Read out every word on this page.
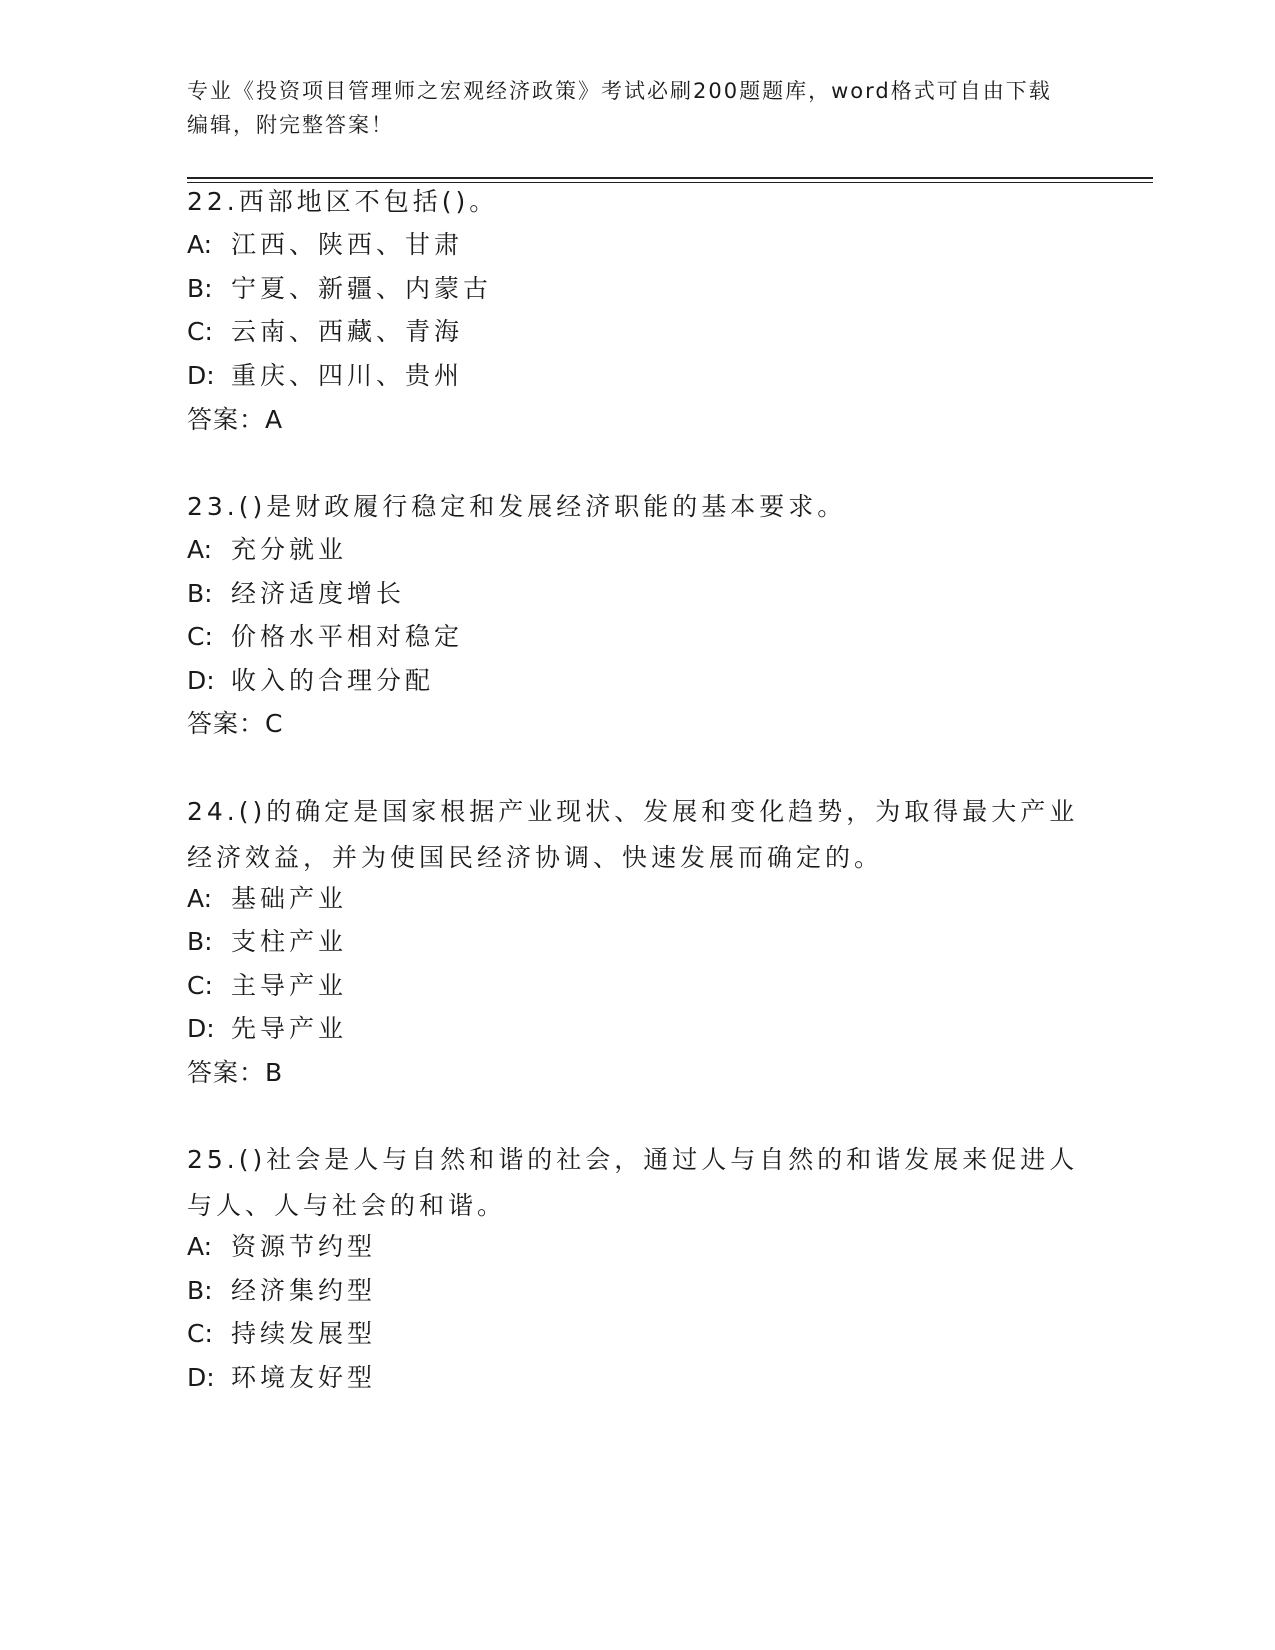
专业《投资项目管理师之宏观经济政策》考试必刷200题题库，word格式可自由下载编辑，附完整答案！
22.西部地区不包括()。
A: 江西、陕西、甘肃
B: 宁夏、新疆、内蒙古
C: 云南、西藏、青海
D: 重庆、四川、贵州
答案：A
23.()是财政履行稳定和发展经济职能的基本要求。
A: 充分就业
B: 经济适度增长
C: 价格水平相对稳定
D: 收入的合理分配
答案：C
24.()的确定是国家根据产业现状、发展和变化趋势，为取得最大产业经济效益，并为使国民经济协调、快速发展而确定的。
A: 基础产业
B: 支柱产业
C: 主导产业
D: 先导产业
答案：B
25.()社会是人与自然和谐的社会，通过人与自然的和谐发展来促进人与人、人与社会的和谐。
A: 资源节约型
B: 经济集约型
C: 持续发展型
D: 环境友好型
